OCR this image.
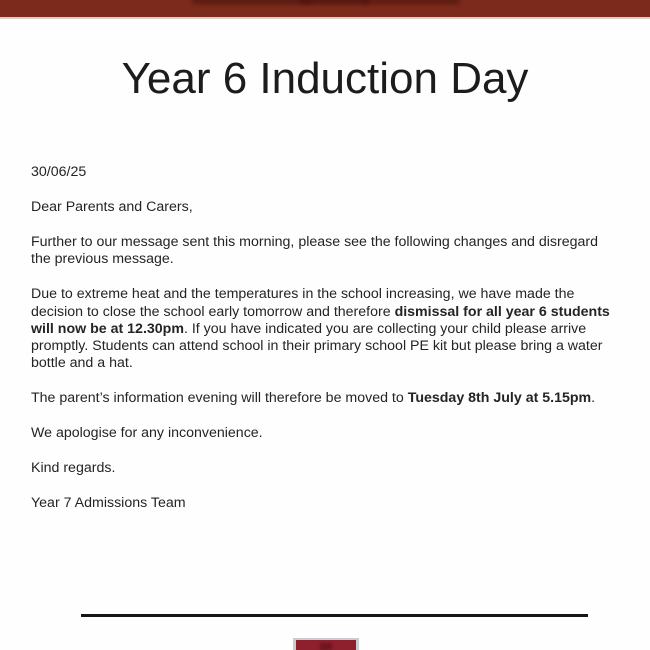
Year 6 Induction Day

30/06/25

Dear Parents and Carers,

Further to our message sent this morning, please see the following changes and disregard the previous message.

Due to extreme heat and the temperatures in the school increasing, we have made the decision to close the school early tomorrow and therefore dismissal for all year 6 students will now be at 12.30pm. If you have indicated you are collecting your child please arrive promptly. Students can attend school in their primary school PE kit but please bring a water bottle and a hat.

The parent’s information evening will therefore be moved to Tuesday 8th July at 5.15pm.

We apologise for any inconvenience.

Kind regards.

Year 7 Admissions Team
